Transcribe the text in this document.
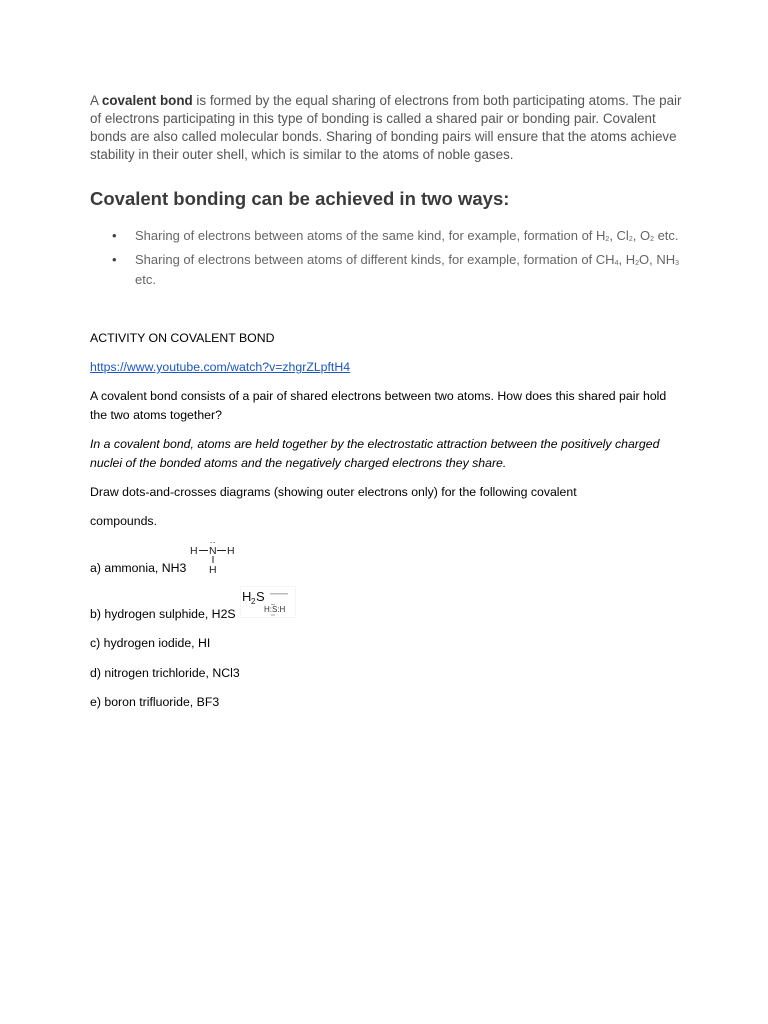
A covalent bond is formed by the equal sharing of electrons from both participating atoms. The pair of electrons participating in this type of bonding is called a shared pair or bonding pair. Covalent bonds are also called molecular bonds. Sharing of bonding pairs will ensure that the atoms achieve stability in their outer shell, which is similar to the atoms of noble gases.

Covalent bonding can be achieved in two ways:
• Sharing of electrons between atoms of the same kind, for example, formation of $H_2$, $Cl_2$, $O_2$ etc.
• Sharing of electrons between atoms of different kinds, for example, formation of $CH_4$, $H_2O$, $NH_3$ etc.

ACTIVITY ON COVALENT BOND

https://www.youtube.com/watch?v=zhgrZLpftH4

A covalent bond consists of a pair of shared electrons between two atoms. How does this shared pair hold the two atoms together?

In a covalent bond, atoms are held together by the electrostatic attraction between the positively charged nuclei of the bonded atoms and the negatively charged electrons they share.

Draw dots-and-crosses diagrams (showing outer electrons only) for the following covalent

compounds.

H N
··
H
H
H 2 S
H:S:H

a) ammonia, NH3

b) hydrogen sulphide, H2S

c) hydrogen iodide, HI

d) nitrogen trichloride, NCl3

e) boron trifluoride, BF3
